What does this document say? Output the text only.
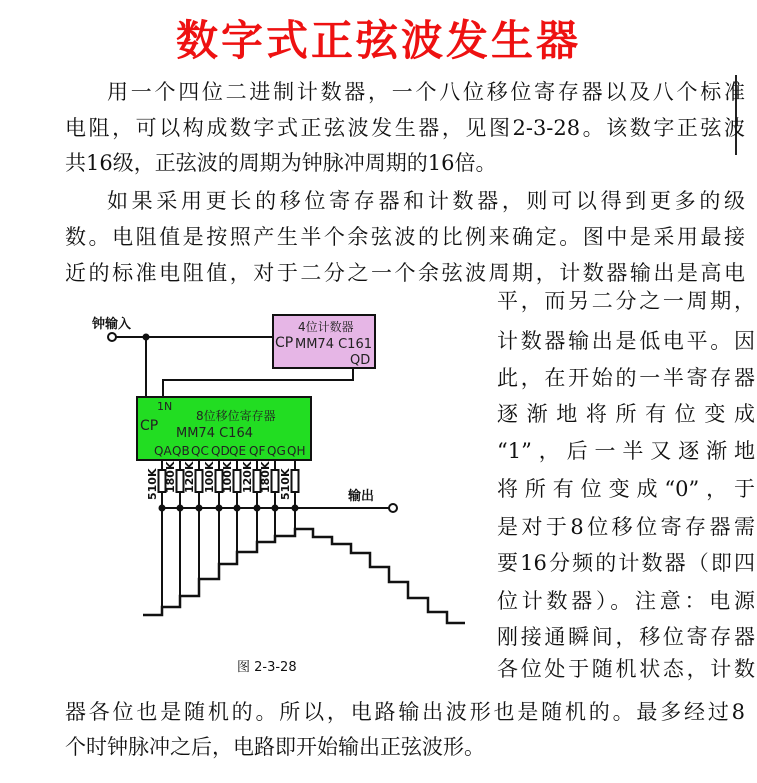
数字式正弦波发生器
用一个四位二进制计数器，一个八位移位寄存器以及八个标准
电阻，可以构成数字式正弦波发生器，见图2-3-28。该数字正弦波
共16级，正弦波的周期为钟脉冲周期的16倍。
如果采用更长的移位寄存器和计数器，则可以得到更多的级
数。电阻值是按照产生半个余弦波的比例来确定。图中是采用最接
近的标准电阻值，对于二分之一个余弦波周期，计数器输出是高电
平，而另二分之一周期，
计数器输出是低电平。因
此，在开始的一半寄存器
逐渐地将所有位变成
“1”，后一半又逐渐地
将所有位变成“0”，于
是对于8位移位寄存器需
要16分频的计数器（即四
位计数器）。注意：电源
刚接通瞬间，移位寄存器
各位处于随机状态，计数
器各位也是随机的。所以，电路输出波形也是随机的。最多经过8
个时钟脉冲之后，电路即开始输出正弦波形。
钟输入	4位计数器
CP MM74 C161
QD
1N
8位移位寄存器
CP MM74 C164
QA QB QC QD QE QF QG QH
510K 180K 120K 100K 100K 120K 180K 510K	输出
图 2-3-28
